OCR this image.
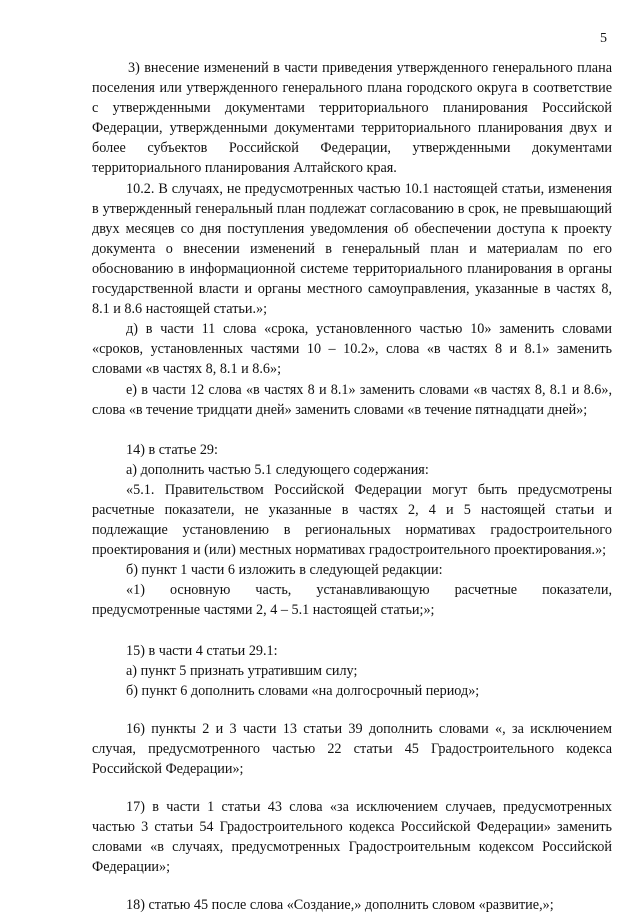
5

3) внесение изменений в части приведения утвержденного генерального плана поселения или утвержденного генерального плана городского округа в соответствие с утвержденными документами территориального планирования Российской Федерации, утвержденными документами территориального планирования двух и более субъектов Российской Федерации, утвержденными документами территориального планирования Алтайского края.

10.2. В случаях, не предусмотренных частью 10.1 настоящей статьи, изменения в утвержденный генеральный план подлежат согласованию в срок, не превышающий двух месяцев со дня поступления уведомления об обеспечении доступа к проекту документа о внесении изменений в генеральный план и материалам по его обоснованию в информационной системе территориального планирования в органы государственной власти и органы местного самоуправления, указанные в частях 8, 8.1 и 8.6 настоящей статьи.»;

д) в части 11 слова «срока, установленного частью 10» заменить словами «сроков, установленных частями 10 – 10.2», слова «в частях 8 и 8.1» заменить словами «в частях 8, 8.1 и 8.6»;

е) в части 12 слова «в частях 8 и 8.1» заменить словами «в частях 8, 8.1 и 8.6», слова «в течение тридцати дней» заменить словами «в течение пятнадцати дней»;

14) в статье 29:

а) дополнить частью 5.1 следующего содержания:

«5.1. Правительством Российской Федерации могут быть предусмотрены расчетные показатели, не указанные в частях 2, 4 и 5 настоящей статьи и подлежащие установлению в региональных нормативах градостроительного проектирования и (или) местных нормативах градостроительного проектирования.»;

б) пункт 1 части 6 изложить в следующей редакции:

«1) основную часть, устанавливающую расчетные показатели, предусмотренные частями 2, 4 – 5.1 настоящей статьи;»;

15) в части 4 статьи 29.1:

а) пункт 5 признать утратившим силу;

б) пункт 6 дополнить словами «на долгосрочный период»;

16) пункты 2 и 3 части 13 статьи 39 дополнить словами «, за исключением случая, предусмотренного частью 22 статьи 45 Градостроительного кодекса Российской Федерации»;

17) в части 1 статьи 43 слова «за исключением случаев, предусмотренных частью 3 статьи 54 Градостроительного кодекса Российской Федерации» заменить словами «в случаях, предусмотренных Градостроительным кодексом Российской Федерации»;

18) статью 45 после слова «Создание,» дополнить словом «развитие,»;
